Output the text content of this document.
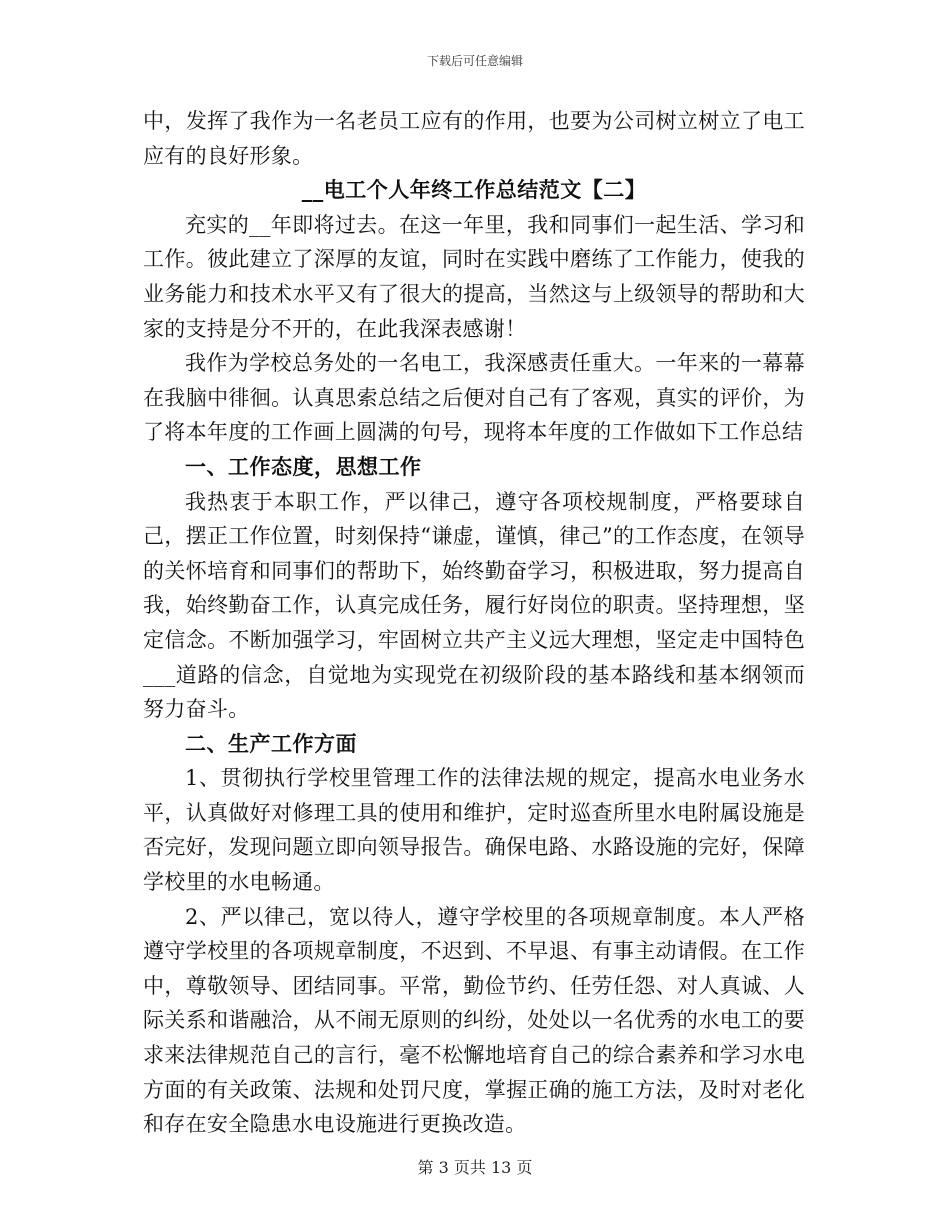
下载后可任意编辑

中，发挥了我作为一名老员工应有的作用，也要为公司树立树立了电工应有的良好形象。

__电工个人年终工作总结范文【二】

充实的__年即将过去。在这一年里，我和同事们一起生活、学习和工作。彼此建立了深厚的友谊，同时在实践中磨练了工作能力，使我的业务能力和技术水平又有了很大的提高，当然这与上级领导的帮助和大家的支持是分不开的，在此我深表感谢！

我作为学校总务处的一名电工，我深感责任重大。一年来的一幕幕在我脑中徘徊。认真思索总结之后便对自己有了客观，真实的评价，为了将本年度的工作画上圆满的句号，现将本年度的工作做如下工作总结

一、工作态度，思想工作

我热衷于本职工作，严以律己，遵守各项校规制度，严格要球自己，摆正工作位置，时刻保持“谦虚，谨慎，律己”的工作态度，在领导的关怀培育和同事们的帮助下，始终勤奋学习，积极进取，努力提高自我，始终勤奋工作，认真完成任务，履行好岗位的职责。坚持理想，坚定信念。不断加强学习，牢固树立共产主义远大理想，坚定走中国特色___道路的信念，自觉地为实现党在初级阶段的基本路线和基本纲领而努力奋斗。

二、生产工作方面

1、贯彻执行学校里管理工作的法律法规的规定，提高水电业务水平，认真做好对修理工具的使用和维护，定时巡查所里水电附属设施是否完好，发现问题立即向领导报告。确保电路、水路设施的完好，保障学校里的水电畅通。

2、严以律己，宽以待人，遵守学校里的各项规章制度。本人严格遵守学校里的各项规章制度，不迟到、不早退、有事主动请假。在工作中，尊敬领导、团结同事。平常，勤俭节约、任劳任怨、对人真诚、人际关系和谐融洽，从不闹无原则的纠纷，处处以一名优秀的水电工的要求来法律规范自己的言行，毫不松懈地培育自己的综合素养和学习水电方面的有关政策、法规和处罚尺度，掌握正确的施工方法，及时对老化和存在安全隐患水电设施进行更换改造。

第 3 页共 13 页
